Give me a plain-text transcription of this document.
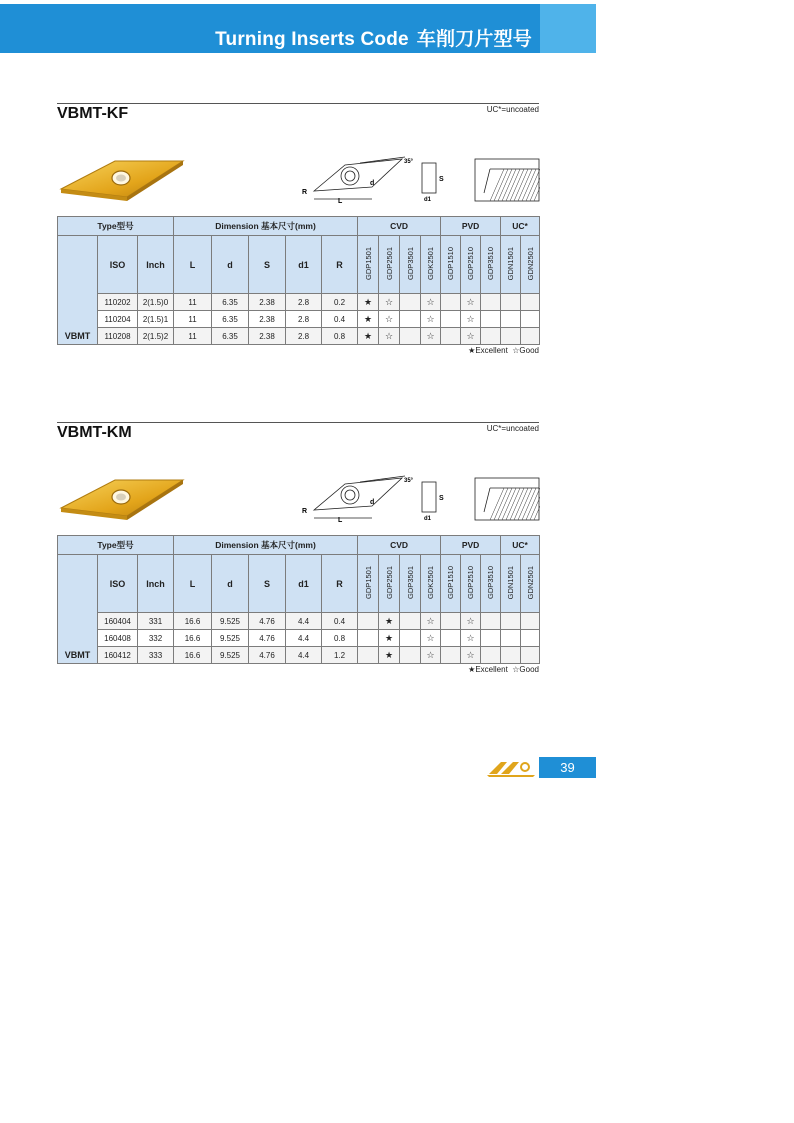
Turning Inserts Code 车削刀片型号
VBMT-KF	UC*=uncoated
R
L
d
35°
S
d1
Type型号			Dimension 基本尺寸(mm)					CVD				PVD			UC*	
VBMT	ISO	Inch	L	d	S	d1	R	GDP1501	GDP2501	GDP3501	GDK2501	GDP1510	GDP2510	GDP3510	GDN1501	GDN2501
	110202	2(1.5)0	11	6.35	2.38	2.8	0.2	★	☆		☆		☆			
	110204	2(1.5)1	11	6.35	2.38	2.8	0.4	★	☆		☆		☆			
	110208	2(1.5)2	11	6.35	2.38	2.8	0.8	★	☆		☆		☆			
★Excellent ☆Good
VBMT-KM	UC*=uncoated
R
L
d
35°
S
d1
Type型号			Dimension 基本尺寸(mm)					CVD				PVD			UC*	
VBMT	ISO	Inch	L	d	S	d1	R	GDP1501	GDP2501	GDP3501	GDK2501	GDP1510	GDP2510	GDP3510	GDN1501	GDN2501
	160404	331	16.6	9.525	4.76	4.4	0.4		★		☆		☆			
	160408	332	16.6	9.525	4.76	4.4	0.8		★		☆		☆			
	160412	333	16.6	9.525	4.76	4.4	1.2		★		☆		☆			
★Excellent ☆Good
39
